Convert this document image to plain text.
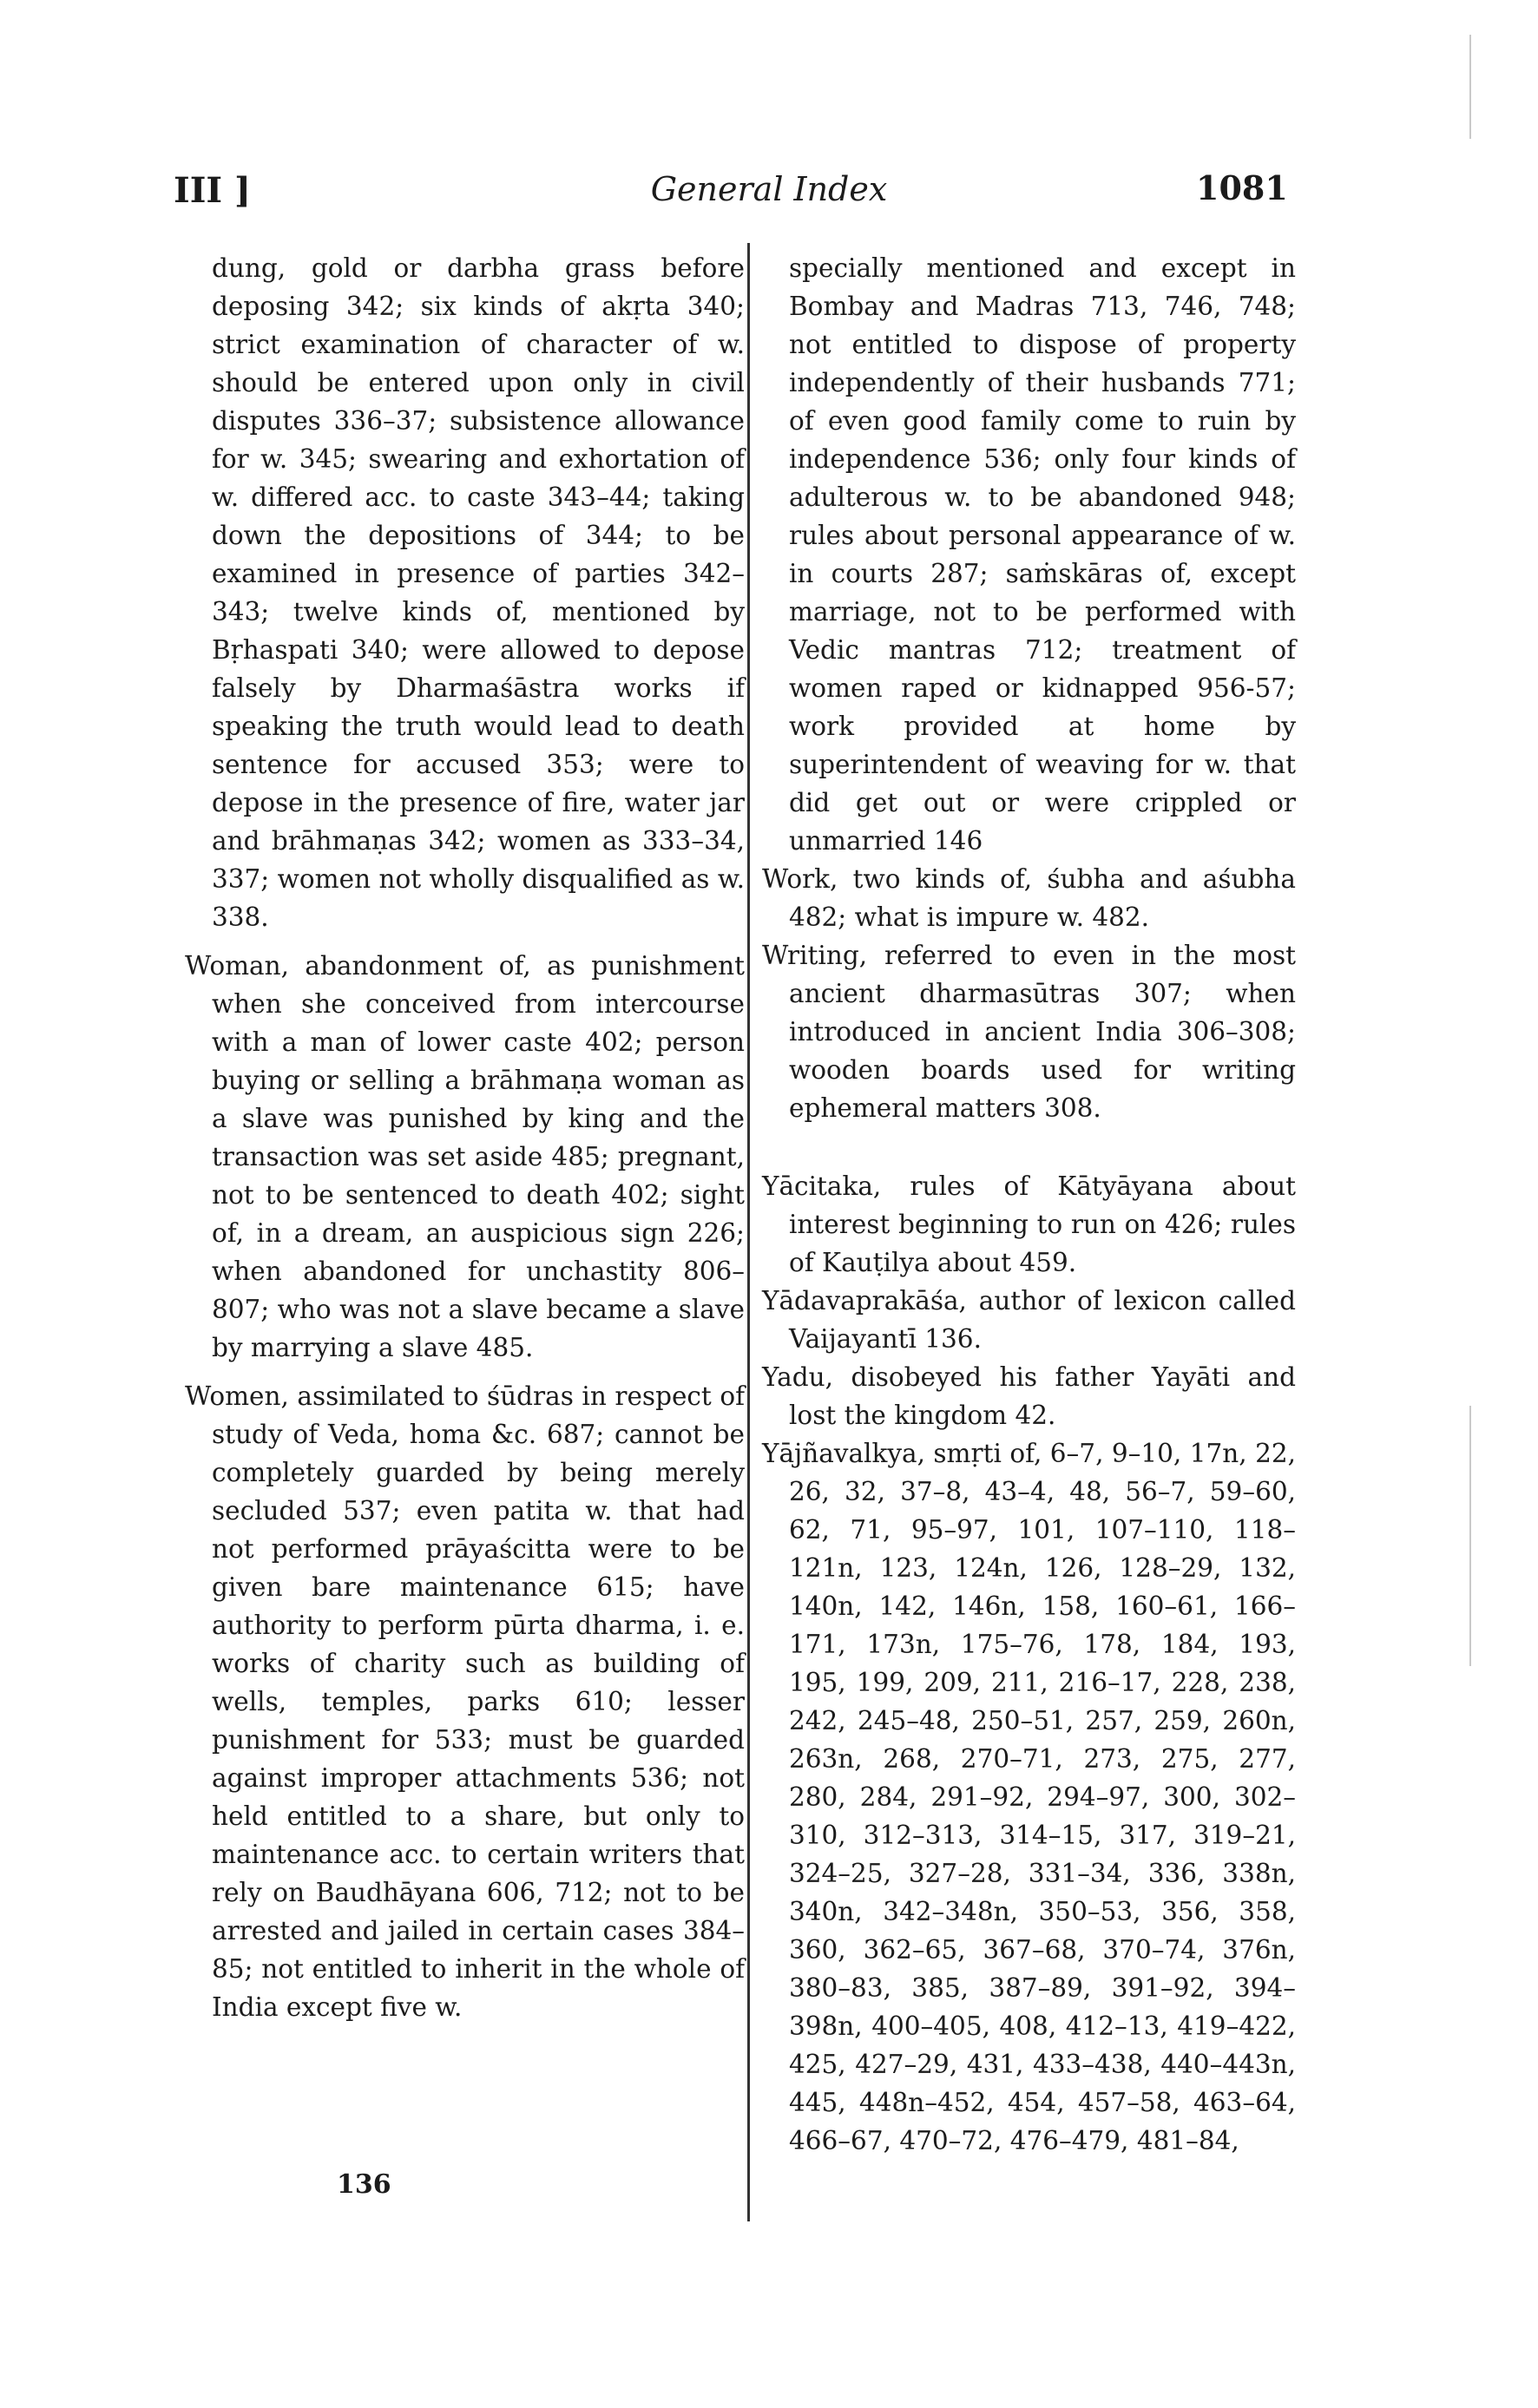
III ]	General Index	1081
dung, gold or darbha grass before deposing 342; six kinds of akṛta 340; strict examination of character of w. should be entered upon only in civil disputes 336–37; subsistence allowance for w. 345; swearing and exhortation of w. differed acc. to caste 343–44; taking down the depositions of 344; to be examined in presence of parties 342–343; twelve kinds of, mentioned by Bṛhaspati 340; were allowed to depose falsely by Dharmaśāstra works if speaking the truth would lead to death sentence for accused 353; were to depose in the presence of fire, water jar and brāhmaṇas 342; women as 333–34, 337; women not wholly disqualified as w. 338.
Woman, abandonment of, as punishment when she conceived from intercourse with a man of lower caste 402; person buying or selling a brāhmaṇa woman as a slave was punished by king and the transaction was set aside 485; pregnant, not to be sentenced to death 402; sight of, in a dream, an auspicious sign 226; when abandoned for unchastity 806–807; who was not a slave became a slave by marrying a slave 485.
Women, assimilated to śūdras in respect of study of Veda, homa &c. 687; cannot be completely guarded by being merely secluded 537; even patita w. that had not performed prāyaścitta were to be given bare maintenance 615; have authority to perform pūrta dharma, i. e. works of charity such as building of wells, temples, parks 610; lesser punishment for 533; must be guarded against improper attachments 536; not held entitled to a share, but only to maintenance acc. to certain writers that rely on Baudhāyana 606, 712; not to be arrested and jailed in certain cases 384–85; not entitled to inherit in the whole of India except five w.
specially mentioned and except in Bombay and Madras 713, 746, 748; not entitled to dispose of property independently of their husbands 771; of even good family come to ruin by independence 536; only four kinds of adulterous w. to be abandoned 948; rules about personal appearance of w. in courts 287; saṁskāras of, except marriage, not to be performed with Vedic mantras 712; treatment of women raped or kidnapped 956-57; work provided at home by superintendent of weaving for w. that did get out or were crippled or unmarried 146
Work, two kinds of, śubha and aśubha 482; what is impure w. 482.
Writing, referred to even in the most ancient dharmasūtras 307; when introduced in ancient India 306–308; wooden boards used for writing ephemeral matters 308.
Yācitaka, rules of Kātyāyana about interest beginning to run on 426; rules of Kauṭilya about 459.
Yādavaprakāśa, author of lexicon called Vaijayantī 136.
Yadu, disobeyed his father Yayāti and lost the kingdom 42.
Yājñavalkya, smṛti of, 6–7, 9–10, 17n, 22, 26, 32, 37–8, 43–4, 48, 56–7, 59–60, 62, 71, 95–97, 101, 107–110, 118–121n, 123, 124n, 126, 128–29, 132, 140n, 142, 146n, 158, 160–61, 166–171, 173n, 175–76, 178, 184, 193, 195, 199, 209, 211, 216–17, 228, 238, 242, 245–48, 250–51, 257, 259, 260n, 263n, 268, 270–71, 273, 275, 277, 280, 284, 291–92, 294–97, 300, 302–310, 312–313, 314–15, 317, 319–21, 324–25, 327–28, 331–34, 336, 338n, 340n, 342–348n, 350–53, 356, 358, 360, 362–65, 367–68, 370–74, 376n, 380–83, 385, 387–89, 391–92, 394–398n, 400–405, 408, 412–13, 419–422, 425, 427–29, 431, 433–438, 440–443n, 445, 448n–452, 454, 457–58, 463–64, 466–67, 470–72, 476–479, 481–84,
136
